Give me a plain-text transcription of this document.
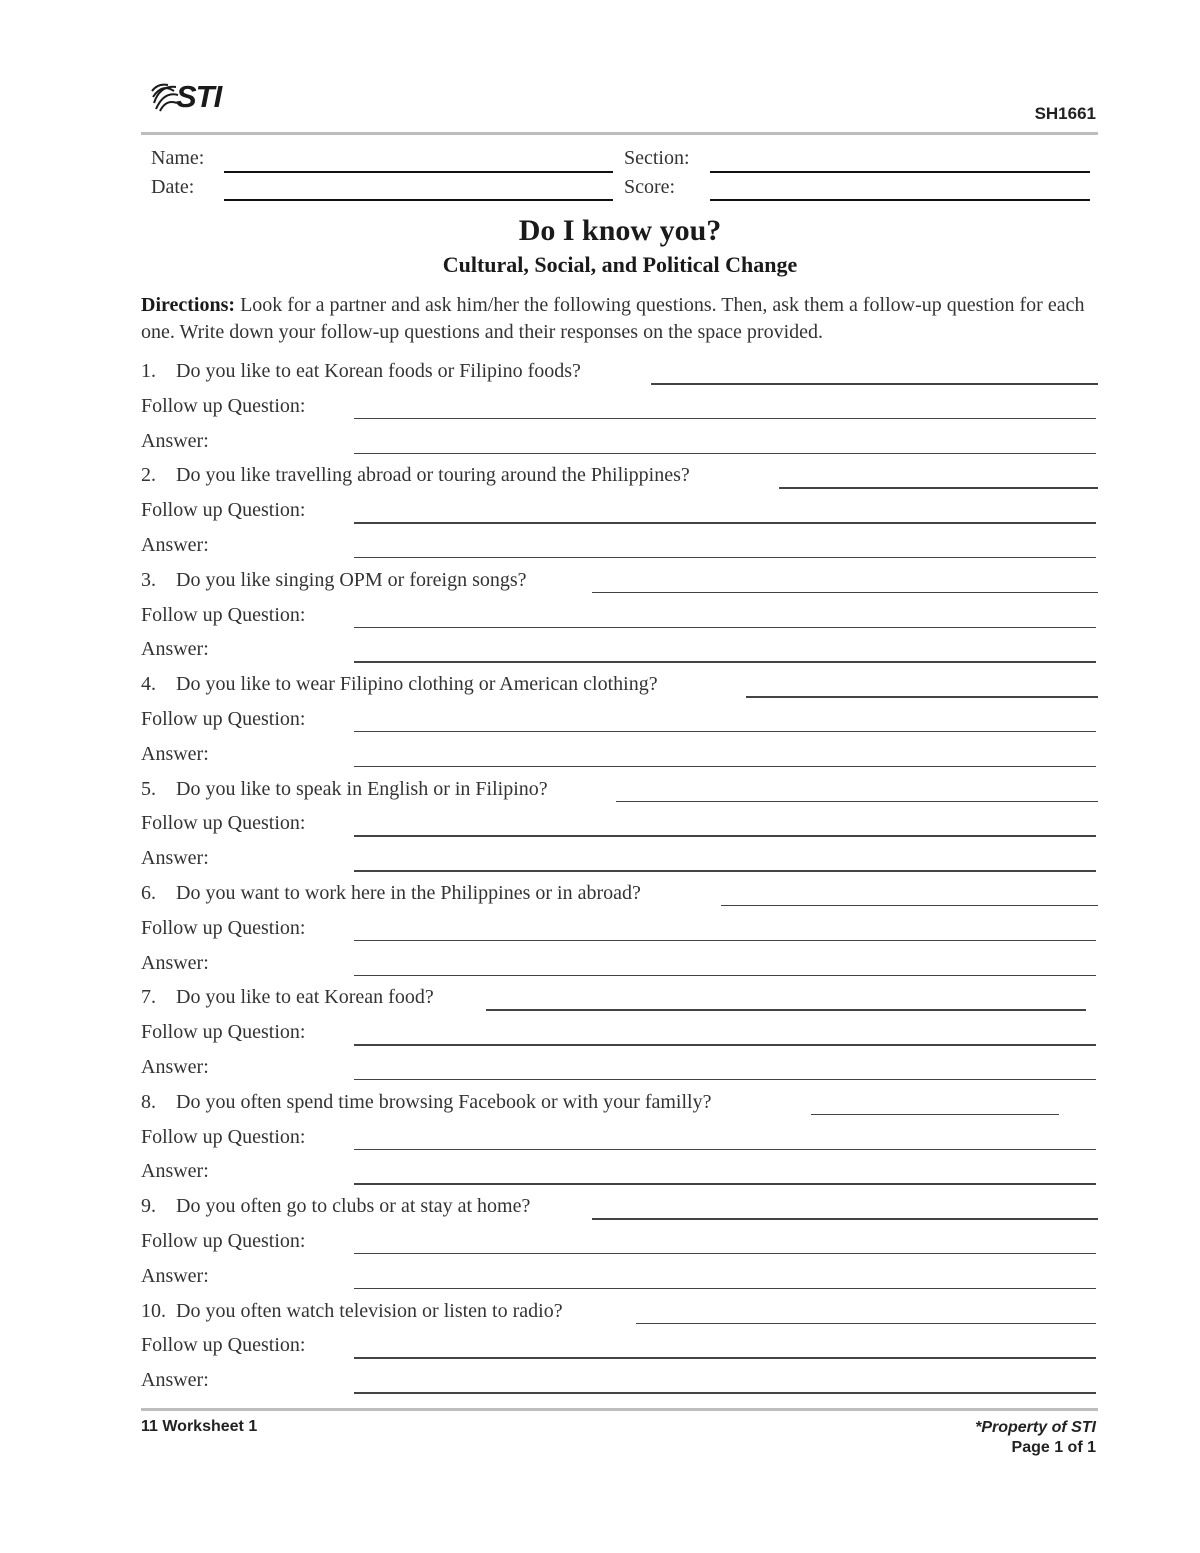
STI	SH1661
Name:	Section:
Date:	Score:
Do I know you?
Cultural, Social, and Political Change
Directions: Look for a partner and ask him/her the following questions. Then, ask them a follow-up question for each one. Write down your follow-up questions and their responses on the space provided.
1. Do you like to eat Korean foods or Filipino foods?
Follow up Question:
Answer:
2. Do you like travelling abroad or touring around the Philippines?
Follow up Question:
Answer:
3. Do you like singing OPM or foreign songs?
Follow up Question:
Answer:
4. Do you like to wear Filipino clothing or American clothing?
Follow up Question:
Answer:
5. Do you like to speak in English or in Filipino?
Follow up Question:
Answer:
6. Do you want to work here in the Philippines or in abroad?
Follow up Question:
Answer:
7. Do you like to eat Korean food?
Follow up Question:
Answer:
8. Do you often spend time browsing Facebook or with your familly?
Follow up Question:
Answer:
9. Do you often go to clubs or at stay at home?
Follow up Question:
Answer:
10. Do you often watch television or listen to radio?
Follow up Question:
Answer:
11 Worksheet 1	*Property of STI
Page 1 of 1
